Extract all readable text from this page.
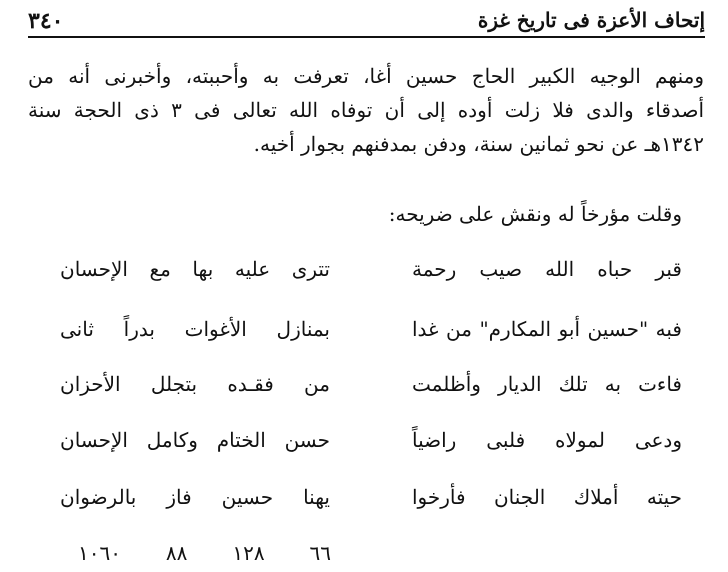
٣٤٠	إتحاف الأعزة فى تاريخ غزة
ومنهم الوجيه الكبير الحاج حسين أغا، تعرفت به وأحببته، وأخبرنى أنه من
أصدقاء والدى فلا زلت أوده إلى أن توفاه الله تعالى فى ٣ ذى الحجة سنة
١٣٤٢هـ عن نحو ثمانين سنة، ودفن بمدفنهم بجوار أخيه.
وقلت مؤرخاً له ونقش على ضريحه:
قبر حباه الله صيب رحمة
تترى عليه بها مع الإحسان
فبه "حسين أبو المكارم" من غدا
بمنازل الأغوات بدراً ثانى
فاءت به تلك الديار وأظلمت
من فقـده بتجلل الأحزان
ودعى لمولاه فلبى راضياً
حسن الختام وكامل الإحسان
حيته أملاك الجنان فأرخوا
يهنا حسين فاز بالرضوان
٦٦
١٢٨
٨٨
١٠٦٠
